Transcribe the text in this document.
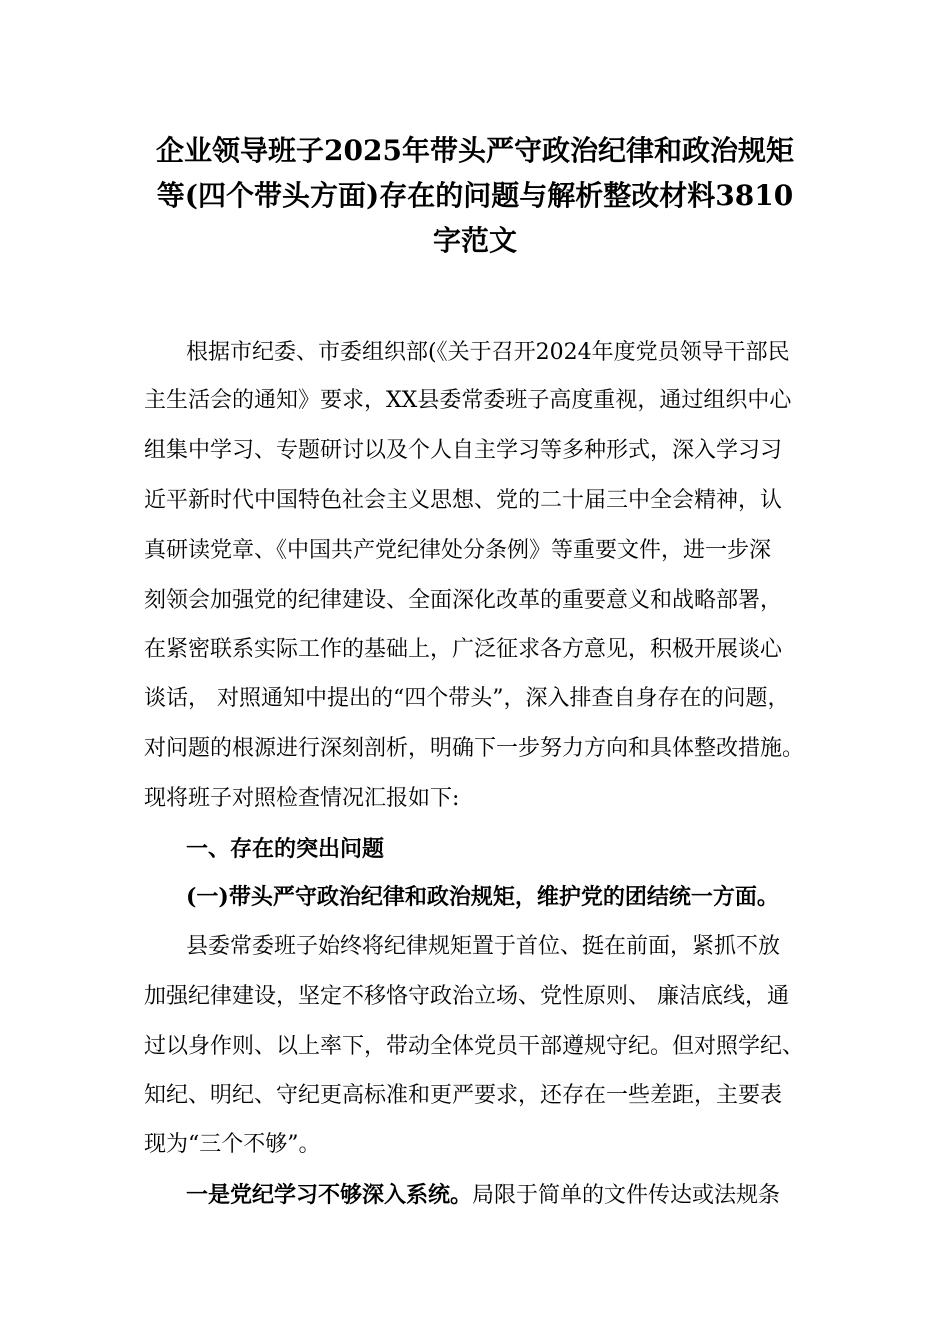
企业领导班子2025年带头严守政治纪律和政治规矩
等(四个带头方面)存在的问题与解析整改材料3810
字范文
根据市纪委、市委组织部(《关于召开2024年度党员领导干部民
主生活会的通知》要求，XX县委常委班子高度重视，通过组织中心
组集中学习、专题研讨以及个人自主学习等多种形式，深入学习习
近平新时代中国特色社会主义思想、党的二十届三中全会精神，认
真研读党章、《中国共产党纪律处分条例》等重要文件，进一步深
刻领会加强党的纪律建设、全面深化改革的重要意义和战略部署，
在紧密联系实际工作的基础上，广泛征求各方意见，积极开展谈心
谈话， 对照通知中提出的“四个带头”，深入排查自身存在的问题，
对问题的根源进行深刻剖析，明确下一步努力方向和具体整改措施。
现将班子对照检查情况汇报如下:
一、存在的突出问题
(一)带头严守政治纪律和政治规矩，维护党的团结统一方面。
县委常委班子始终将纪律规矩置于首位、挺在前面，紧抓不放
加强纪律建设，坚定不移恪守政治立场、党性原则、 廉洁底线，通
过以身作则、以上率下，带动全体党员干部遵规守纪。但对照学纪、
知纪、明纪、守纪更高标准和更严要求，还存在一些差距，主要表
现为“三个不够”。
一是党纪学习不够深入系统。局限于简单的文件传达或法规条
